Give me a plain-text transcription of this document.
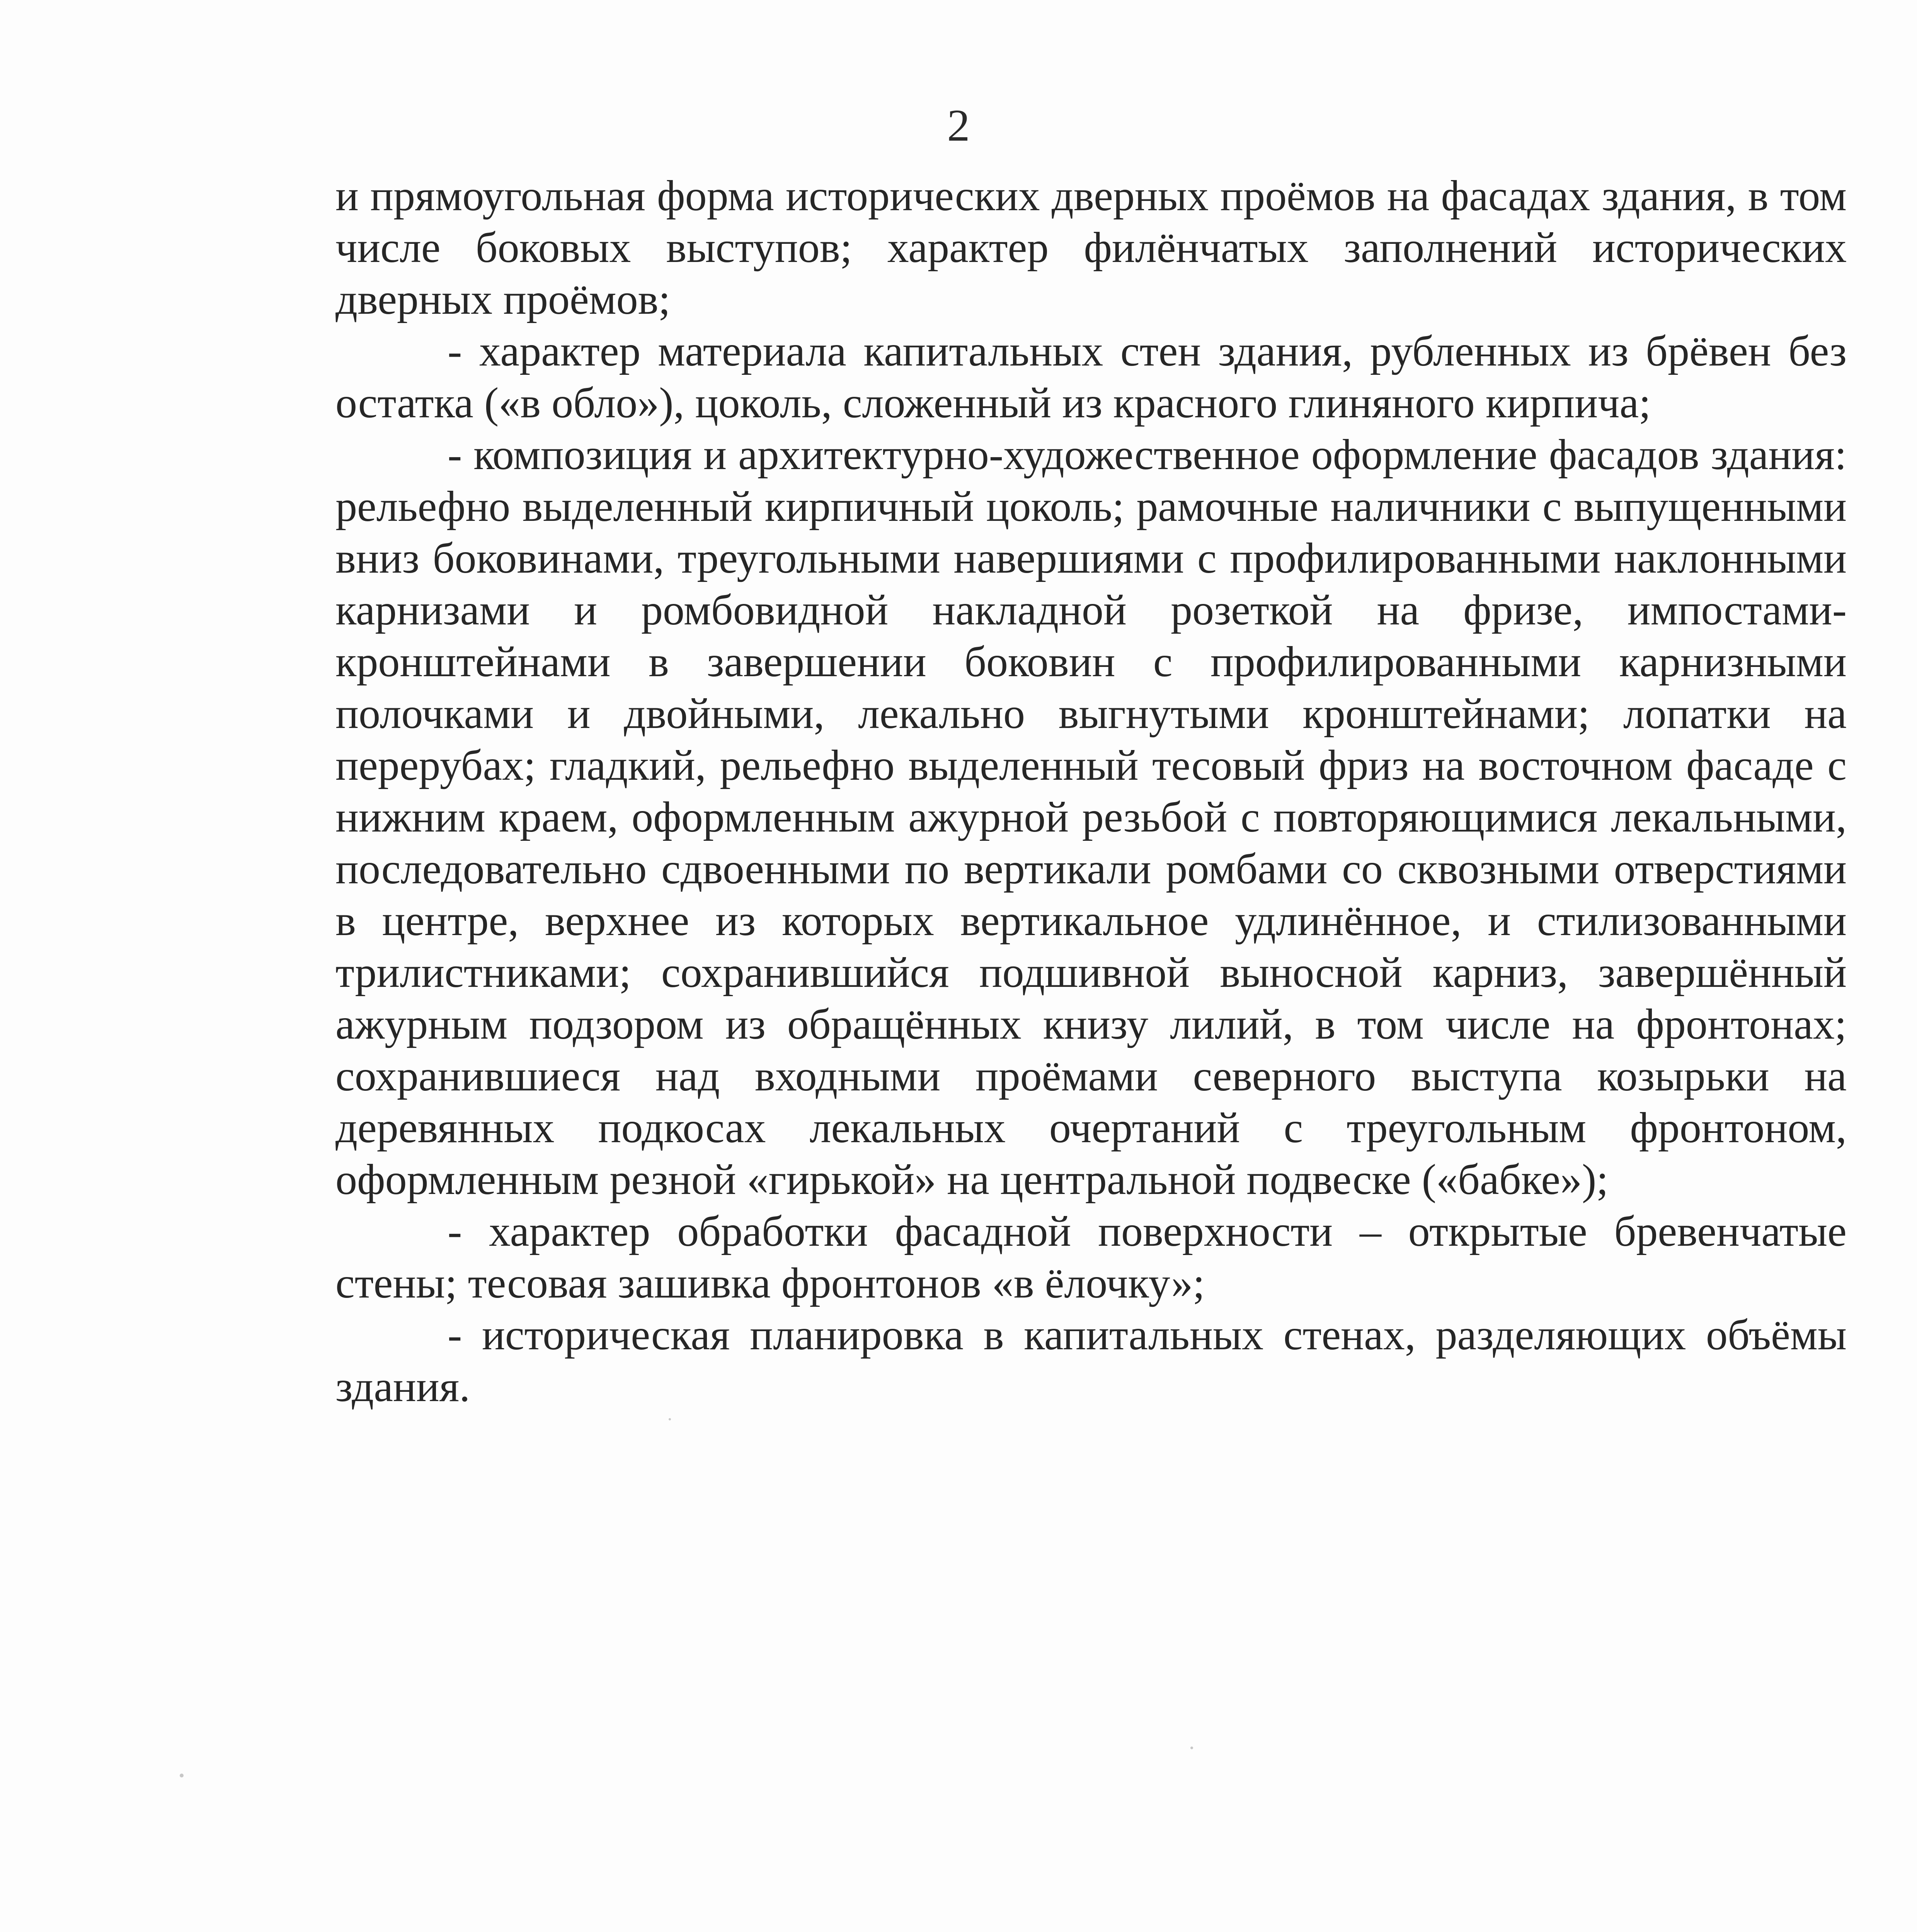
2

и прямоугольная форма исторических дверных проёмов на фасадах здания, в том числе боковых выступов; характер филёнчатых заполнений исторических дверных проёмов;

- характер материала капитальных стен здания, рубленных из брёвен без остатка («в обло»), цоколь, сложенный из красного глиняного кирпича;

- композиция и архитектурно-художественное оформление фасадов здания: рельефно выделенный кирпичный цоколь; рамочные наличники с выпущенными вниз боковинами, треугольными навершиями с профилированными наклонными карнизами и ромбовидной накладной розеткой на фризе, импостами-кронштейнами в завершении боковин с профилированными карнизными полочками и двойными, лекально выгнутыми кронштейнами; лопатки на перерубах; гладкий, рельефно выделенный тесовый фриз на восточном фасаде с нижним краем, оформленным ажурной резьбой с повторяющимися лекальными, последовательно сдвоенными по вертикали ромбами со сквозными отверстиями в центре, верхнее из которых вертикальное удлинённое, и стилизованными трилистниками; сохранившийся подшивной выносной карниз, завершённый ажурным подзором из обращённых книзу лилий, в том числе на фронтонах; сохранившиеся над входными проёмами северного выступа козырьки на деревянных подкосах лекальных очертаний с треугольным фронтоном, оформленным резной «гирькой» на центральной подвеске («бабке»);

- характер обработки фасадной поверхности – открытые бревенчатые стены; тесовая зашивка фронтонов «в ёлочку»;

- историческая планировка в капитальных стенах, разделяющих объёмы здания.
